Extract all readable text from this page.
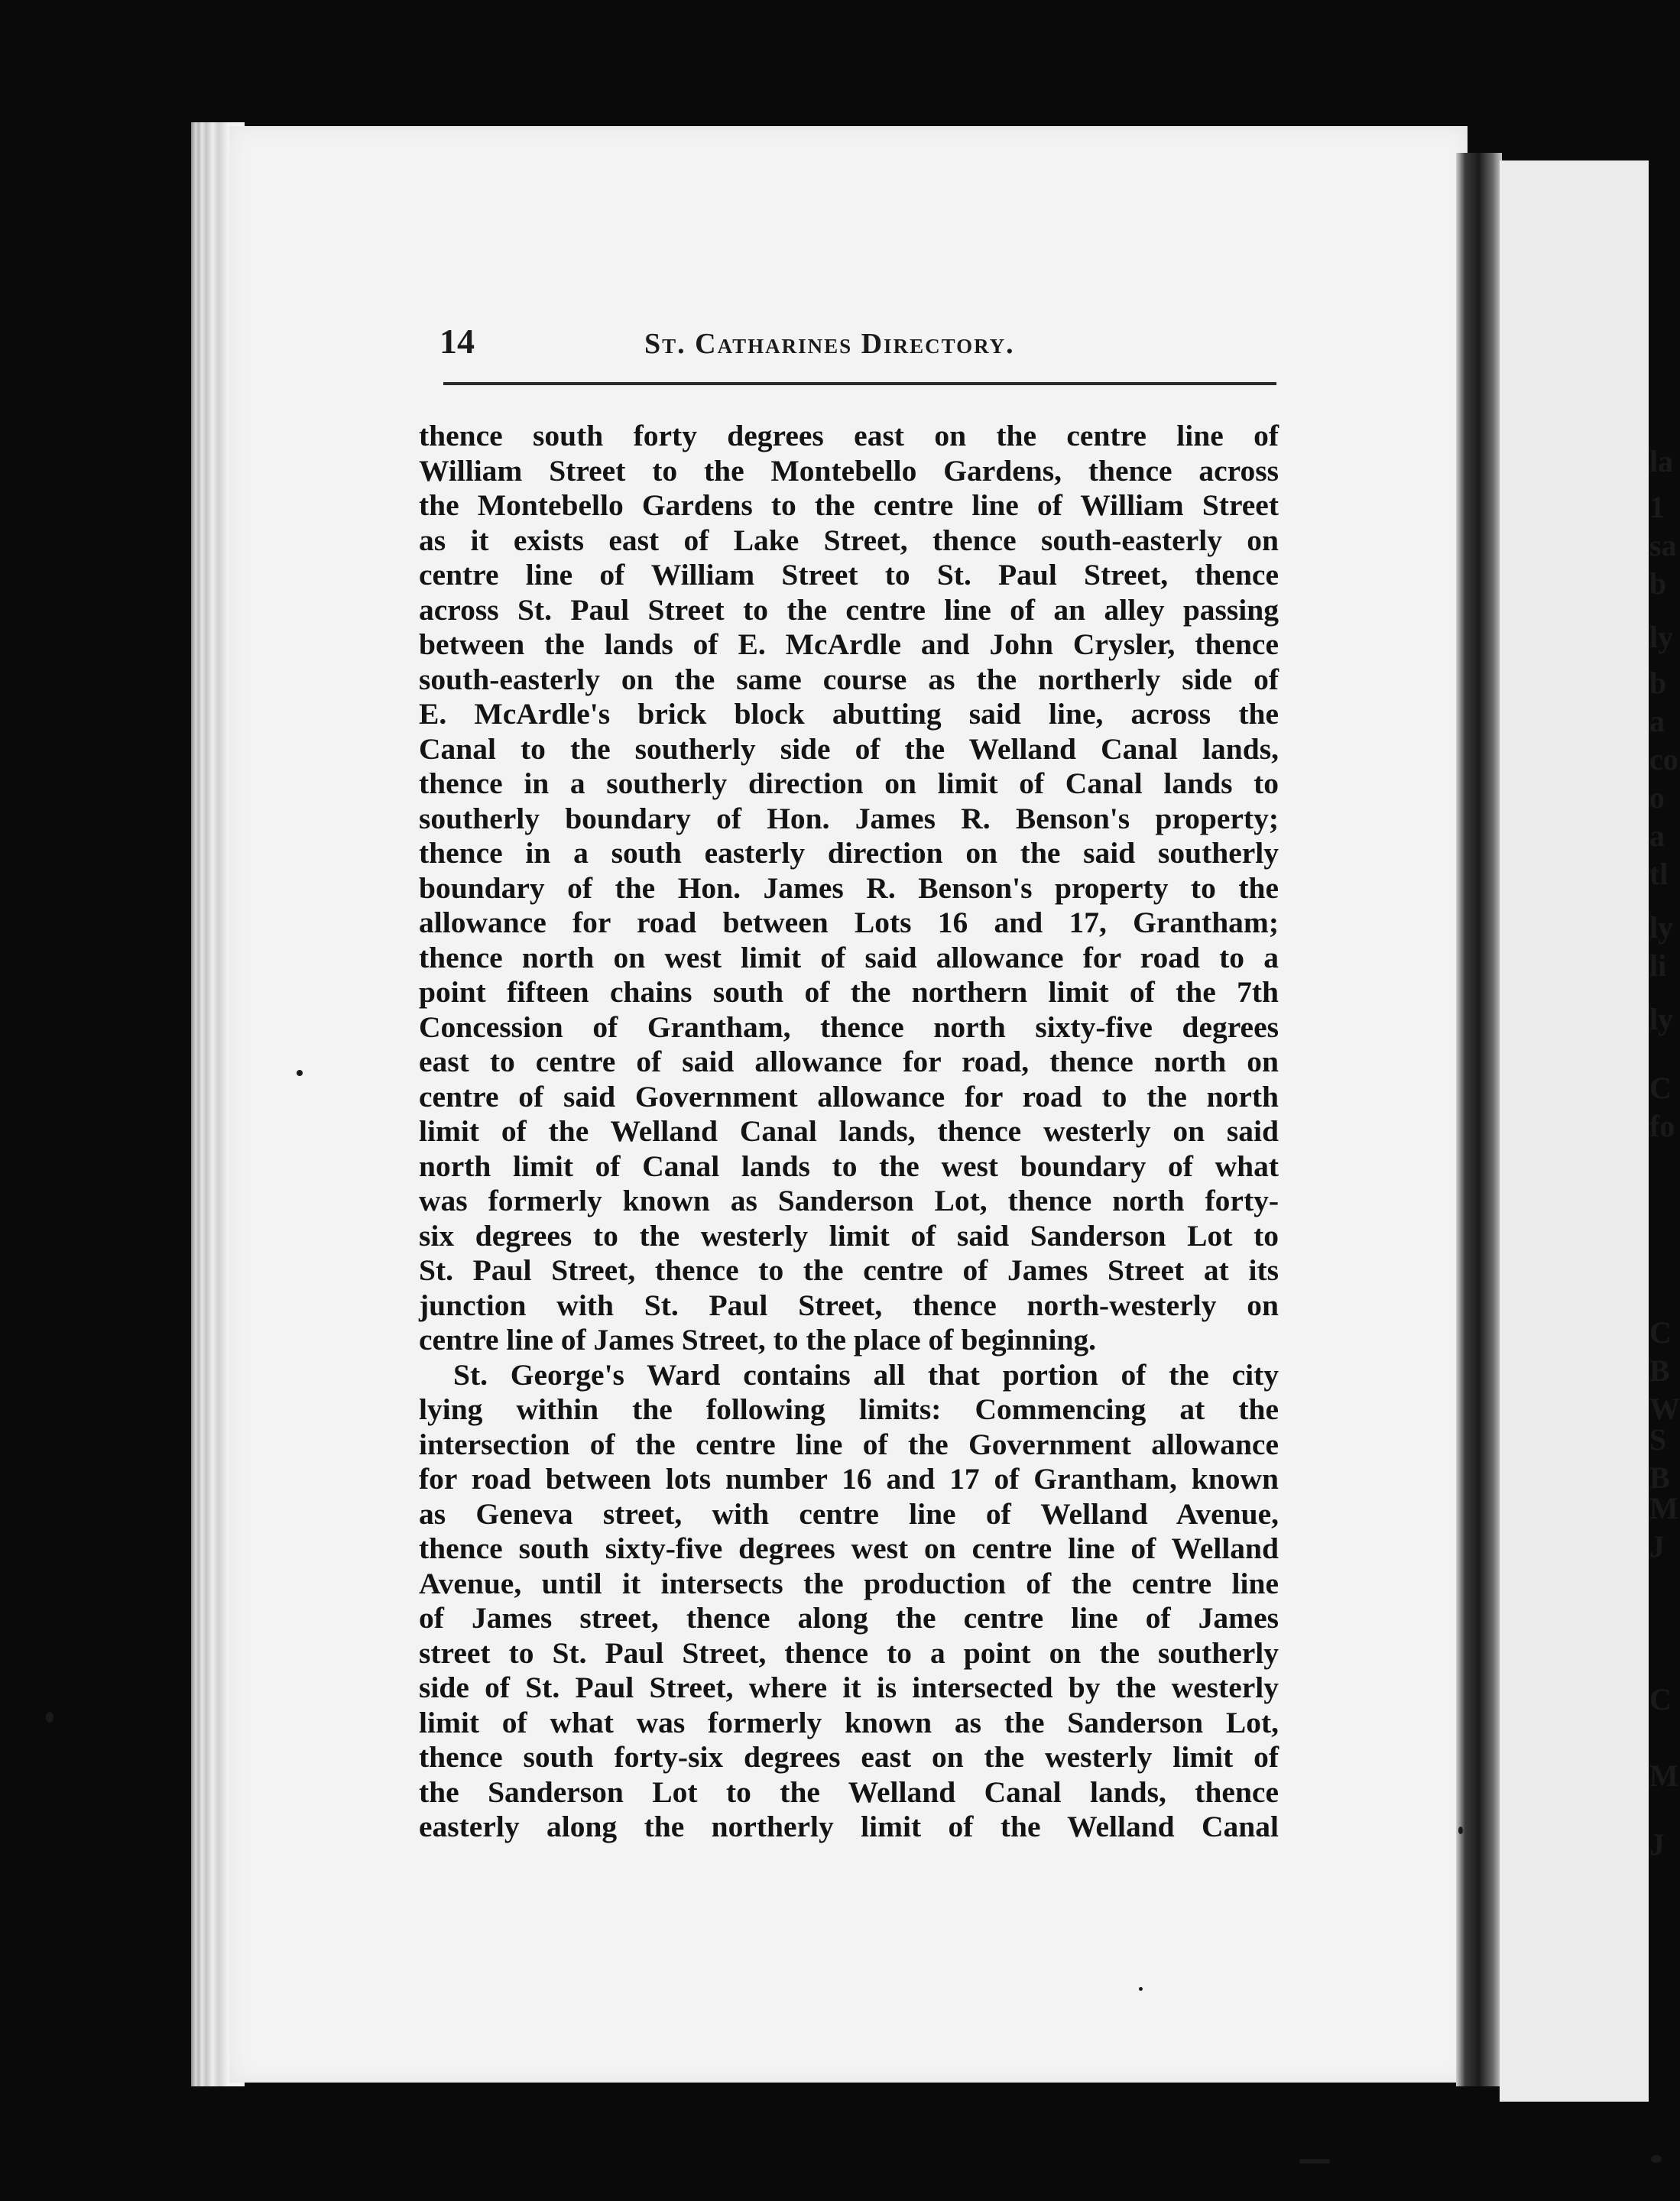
14	St. Catharines Directory.

thence south forty degrees east on the centre line of
William Street to the Montebello Gardens, thence across
the Montebello Gardens to the centre line of William Street
as it exists east of Lake Street, thence south-easterly on
centre line of William Street to St. Paul Street, thence
across St. Paul Street to the centre line of an alley passing
between the lands of E. McArdle and John Crysler, thence
south-easterly on the same course as the northerly side of
E. McArdle's brick block abutting said line, across the
Canal to the southerly side of the Welland Canal lands,
thence in a southerly direction on limit of Canal lands to
southerly boundary of Hon. James R. Benson's property;
thence in a south easterly direction on the said southerly
boundary of the Hon. James R. Benson's property to the
allowance for road between Lots 16 and 17, Grantham;
thence north on west limit of said allowance for road to a
point fifteen chains south of the northern limit of the 7th
Concession of Grantham, thence north sixty-five degrees
east to centre of said allowance for road, thence north on
centre of said Government allowance for road to the north
limit of the Welland Canal lands, thence westerly on said
north limit of Canal lands to the west boundary of what
was formerly known as Sanderson Lot, thence north forty-
six degrees to the westerly limit of said Sanderson Lot to
St. Paul Street, thence to the centre of James Street at its
junction with St. Paul Street, thence north-westerly on
centre line of James Street, to the place of beginning.

St. George's Ward contains all that portion of the city
lying within the following limits: Commencing at the
intersection of the centre line of the Government allowance
for road between lots number 16 and 17 of Grantham, known
as Geneva street, with centre line of Welland Avenue,
thence south sixty-five degrees west on centre line of Welland
Avenue, until it intersects the production of the centre line
of James street, thence along the centre line of James
street to St. Paul Street, thence to a point on the southerly
side of St. Paul Street, where it is intersected by the westerly
limit of what was formerly known as the Sanderson Lot,
thence south forty-six degrees east on the westerly limit of
the Sanderson Lot to the Welland Canal lands, thence
easterly along the northerly limit of the Welland Canal

la
1
sa
b
ly
b
a
co
o
a
tl
ly
li
ly
C
fo
C
B
W
S
B
M
J
C
M
J
